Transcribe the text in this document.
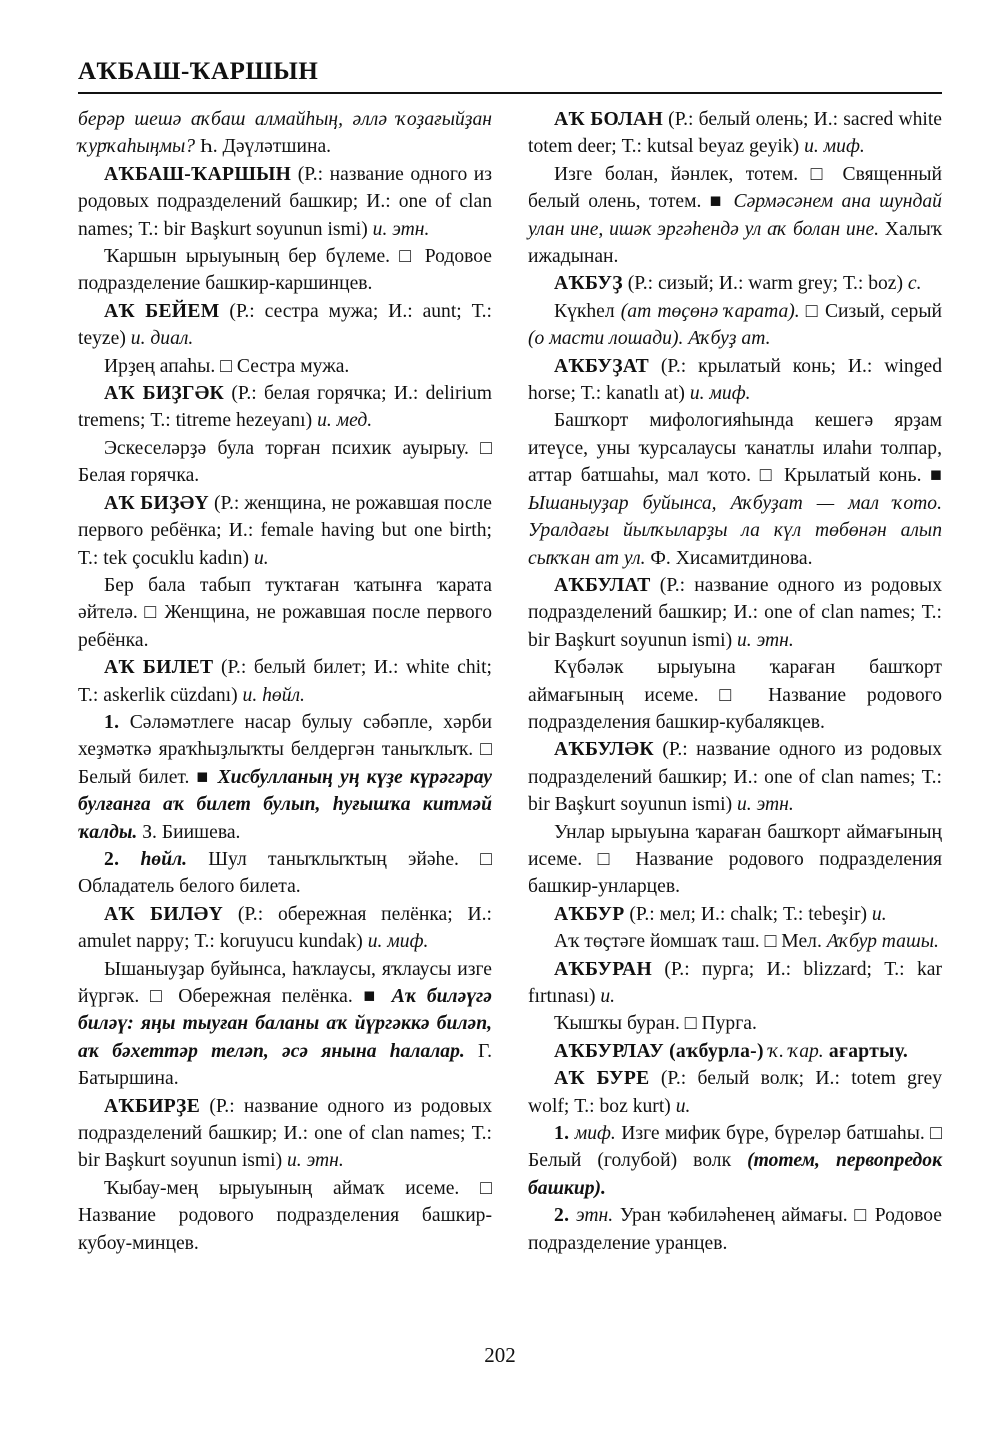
АҠБАШ-ҠАРШЫН

берәр шешә аҡбаш алмайһың, әллә ҡоҙағыйҙан ҡурҡаһыңмы? Һ. Дәүләтшина.

АҠБАШ-ҠАРШЫН (Р.: название одного из родовых подразделений башкир; И.: one of clan names; Т.: bir Başkurt soyunun ismi) и. этн.

Ҡаршын ырыуының бер бүлеме. □ Родовое подразделение башкир-каршинцев.

АҠ БЕЙЕМ (Р.: сестра мужа; И.: aunt; Т.: teyze) и. диал.

Ирҙең апаһы. □ Сестра мужа.

АҠ БИҘГӘК (Р.: белая горячка; И.: delirium tremens; Т.: titreme hezeyanı) и. мед.

Эскеселәрҙә була торған психик ауырыу. □ Белая горячка.

АҠ БИҘӘҮ (Р.: женщина, не рожавшая после первого ребёнка; И.: female having but one birth; Т.: tek çocuklu kadın) и.

Бер бала табып туҡтаған ҡатынға ҡарата әйтелә. □ Женщина, не рожавшая после первого ребёнка.

АҠ БИЛЕТ (Р.: белый билет; И.: white chit; Т.: askerlik cüzdanı) и. һөйл.

1. Сәләмәтлеге насар булыу сәбәпле, хәрби хеҙмәткә яраҡһыҙлыҡты белдергән таныҡлыҡ. □ Белый билет. ■ Хисбулланың уң күҙе күрәгәрау булғанға аҡ билет булып, һуғышҡа китмәй ҡалды. З. Биишева.

2. һөйл. Шул таныҡлыҡтың эйәһе. □ Обладатель белого билета.

АҠ БИЛӘҮ (Р.: обережная пелёнка; И.: amulet nappy; Т.: koruyucu kundak) и. миф.

Ышаныуҙар буйынса, һаҡлаусы, яҡлаусы изге йүргәк. □ Обережная пелёнка. ■ Аҡ биләүгә биләү: яңы тыуған баланы аҡ йүргәккә биләп, аҡ бәхеттәр теләп, әсә янына һалалар. Г. Батыршина.

АҠБИРҘЕ (Р.: название одного из родовых подразделений башкир; И.: one of clan names; Т.: bir Başkurt soyunun ismi) и. этн.

Ҡыбау-мең ырыуының аймаҡ исеме. □ Название родового подразделения башкир-кубоу-минцев.

АҠ БОЛАН (Р.: белый олень; И.: sacred white totem deer; Т.: kutsal beyaz geyik) и. миф.

Изге болан, йәнлек, тотем. □ Священный белый олень, тотем. ■ Сәрмәсәнем ана шундай улан ине, ишәк эргәһендә ул аҡ болан ине. Халыҡ ижадынан.

АҠБУҘ (Р.: сизый; И.: warm grey; Т.: boz) с.

Күкһел (ат төҫөнә ҡарата). □ Сизый, серый (о масти лошади). Аҡбуҙ ат.

АҠБУҘАТ (Р.: крылатый конь; И.: winged horse; Т.: kanatlı at) и. миф.

Башҡорт мифологияһында кешегә ярҙам итеүсе, уны ҡурсалаусы ҡанатлы илаһи толпар, аттар батшаһы, мал ҡото. □ Крылатый конь. ■ Ышаныуҙар буйынса, Аҡбуҙат — мал ҡото. Уралдағы йылҡыларҙы ла күл төбөнән алып сыҡҡан ат ул. Ф. Хисамитдинова.

АҠБУЛАТ (Р.: название одного из родовых подразделений башкир; И.: one of clan names; Т.: bir Başkurt soyunun ismi) и. этн.

Күбәләк ырыуына ҡараған башҡорт аймағының исеме. □ Название родового подразделения башкир-кубалякцев.

АҠБУЛӘК (Р.: название одного из родовых подразделений башкир; И.: one of clan names; Т.: bir Başkurt soyunun ismi) и. этн.

Унлар ырыуына ҡараған башҡорт аймағының исеме. □ Название родового подразделения башкир-унларцев.

АҠБУР (Р.: мел; И.: chalk; Т.: tebeşir) и.

Аҡ төҫтәге йомшаҡ таш. □ Мел. Аҡбур ташы.

АҠБУРАН (Р.: пурга; И.: blizzard; Т.: kar fırtınası) и.

Ҡышҡы буран. □ Пурга.

АҠБУРЛАУ (аҡбурла-) ҡ. ҡар. ағартыу.

АҠ БУРЕ (Р.: белый волк; И.: totem grey wolf; Т.: boz kurt) и.

1. миф. Изге мифик бүре, бүреләр батшаһы. □ Белый (голубой) волк (тотем, первопредок башкир).

2. этн. Уран ҡәбиләһенең аймағы. □ Родовое подразделение уранцев.

202
